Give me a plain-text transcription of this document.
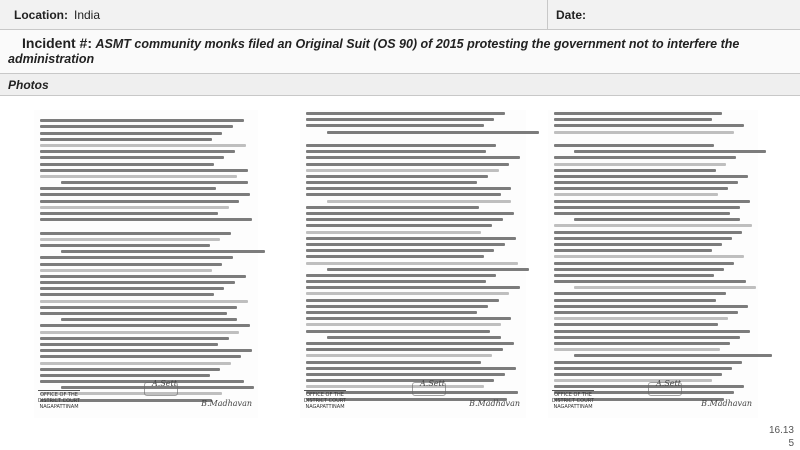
Location: India	Date:
Incident #: ASMT community monks filed an Original Suit (OS 90) of 2015 protesting the government not to interfere the administration
Photos
OFFICE OF THE DISTRICT COURT NAGAPATTINAM
A.Sett
B.Madhavan
OFFICE OF THE DISTRICT COURT NAGAPATTINAM
A.Sett
B.Madhavan
OFFICE OF THE DISTRICT COURT NAGAPATTINAM
A.Sett
B.Madhavan
16.13
5
